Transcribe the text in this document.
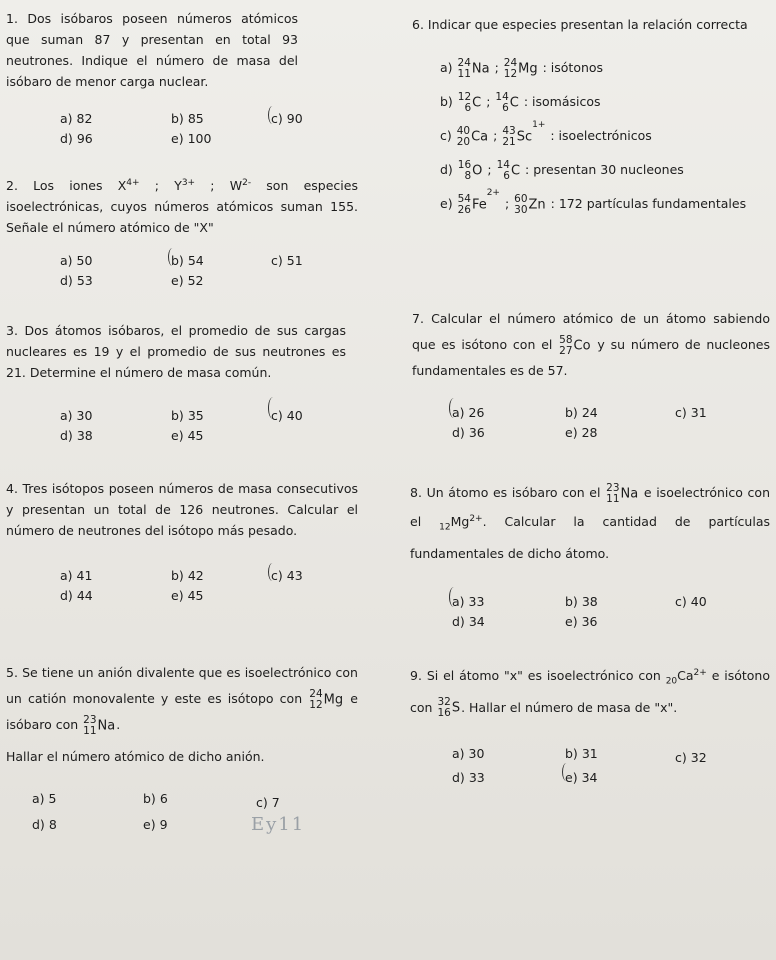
1. Dos isóbaros poseen números atómicos que suman 87 y presentan en total 93 neutrones. Indique el número de masa del isóbaro de menor carga nuclear.

a) 82	b) 85	c) 90
d) 96	e) 100

2. Los iones $X^{4+}$ ; $Y^{3+}$ ; $W^{2-}$ son especies isoelectrónicas, cuyos números atómicos suman 155. Señale el número atómico de "X"

a) 50	b) 54	c) 51
d) 53	e) 52

3. Dos átomos isóbaros, el promedio de sus cargas nucleares es 19 y el promedio de sus neutrones es 21. Determine el número de masa común.

a) 30	b) 35	c) 40
d) 38	e) 45

4. Tres isótopos poseen números de masa consecutivos y presentan un total de 126 neutrones. Calcular el número de neutrones del isótopo más pesado.

a) 41	b) 42	c) 43
d) 44	e) 45

5. Se tiene un anión divalente que es isoelectrónico con un catión monovalente y este es isótopo con 24
12 Mg e isóbaro con 23
11 Na.
Hallar el número atómico de dicho anión.

a) 5	b) 6	c) 7
d) 8	e) 9	Ey11

6. Indicar que especies presentan la relación correcta

a) 24
11 Na ; 24
12 Mg : isótonos
b) 12
6 C ; 14
6 C : isomásicos
c) 40
20 Ca ; 43
21 $Sc^{1+}$ : isoelectrónicos
d) 16
8 O ; 14
6 C : presentan 30 nucleones
e) 54
26 $Fe^{2+}$ ; 60
30 Zn : 172 partículas fundamentales

7. Calcular el número atómico de un átomo sabiendo que es isótono con el 58
27 Co y su número de nucleones fundamentales es de 57.

a) 26	b) 24	c) 31
d) 36	e) 28

8. Un átomo es isóbaro con el 23
11 Na e isoelectrónico con el $_{12}Mg^{2+}$. Calcular la cantidad de partículas fundamentales de dicho átomo.

a) 33	b) 38	c) 40
d) 34	e) 36

9. Si el átomo "x" es isoelectrónico con $_{20}Ca^{2+}$ e isótono con 32
16 S. Hallar el número de masa de "x".

a) 30	b) 31	c) 32
d) 33	e) 34
